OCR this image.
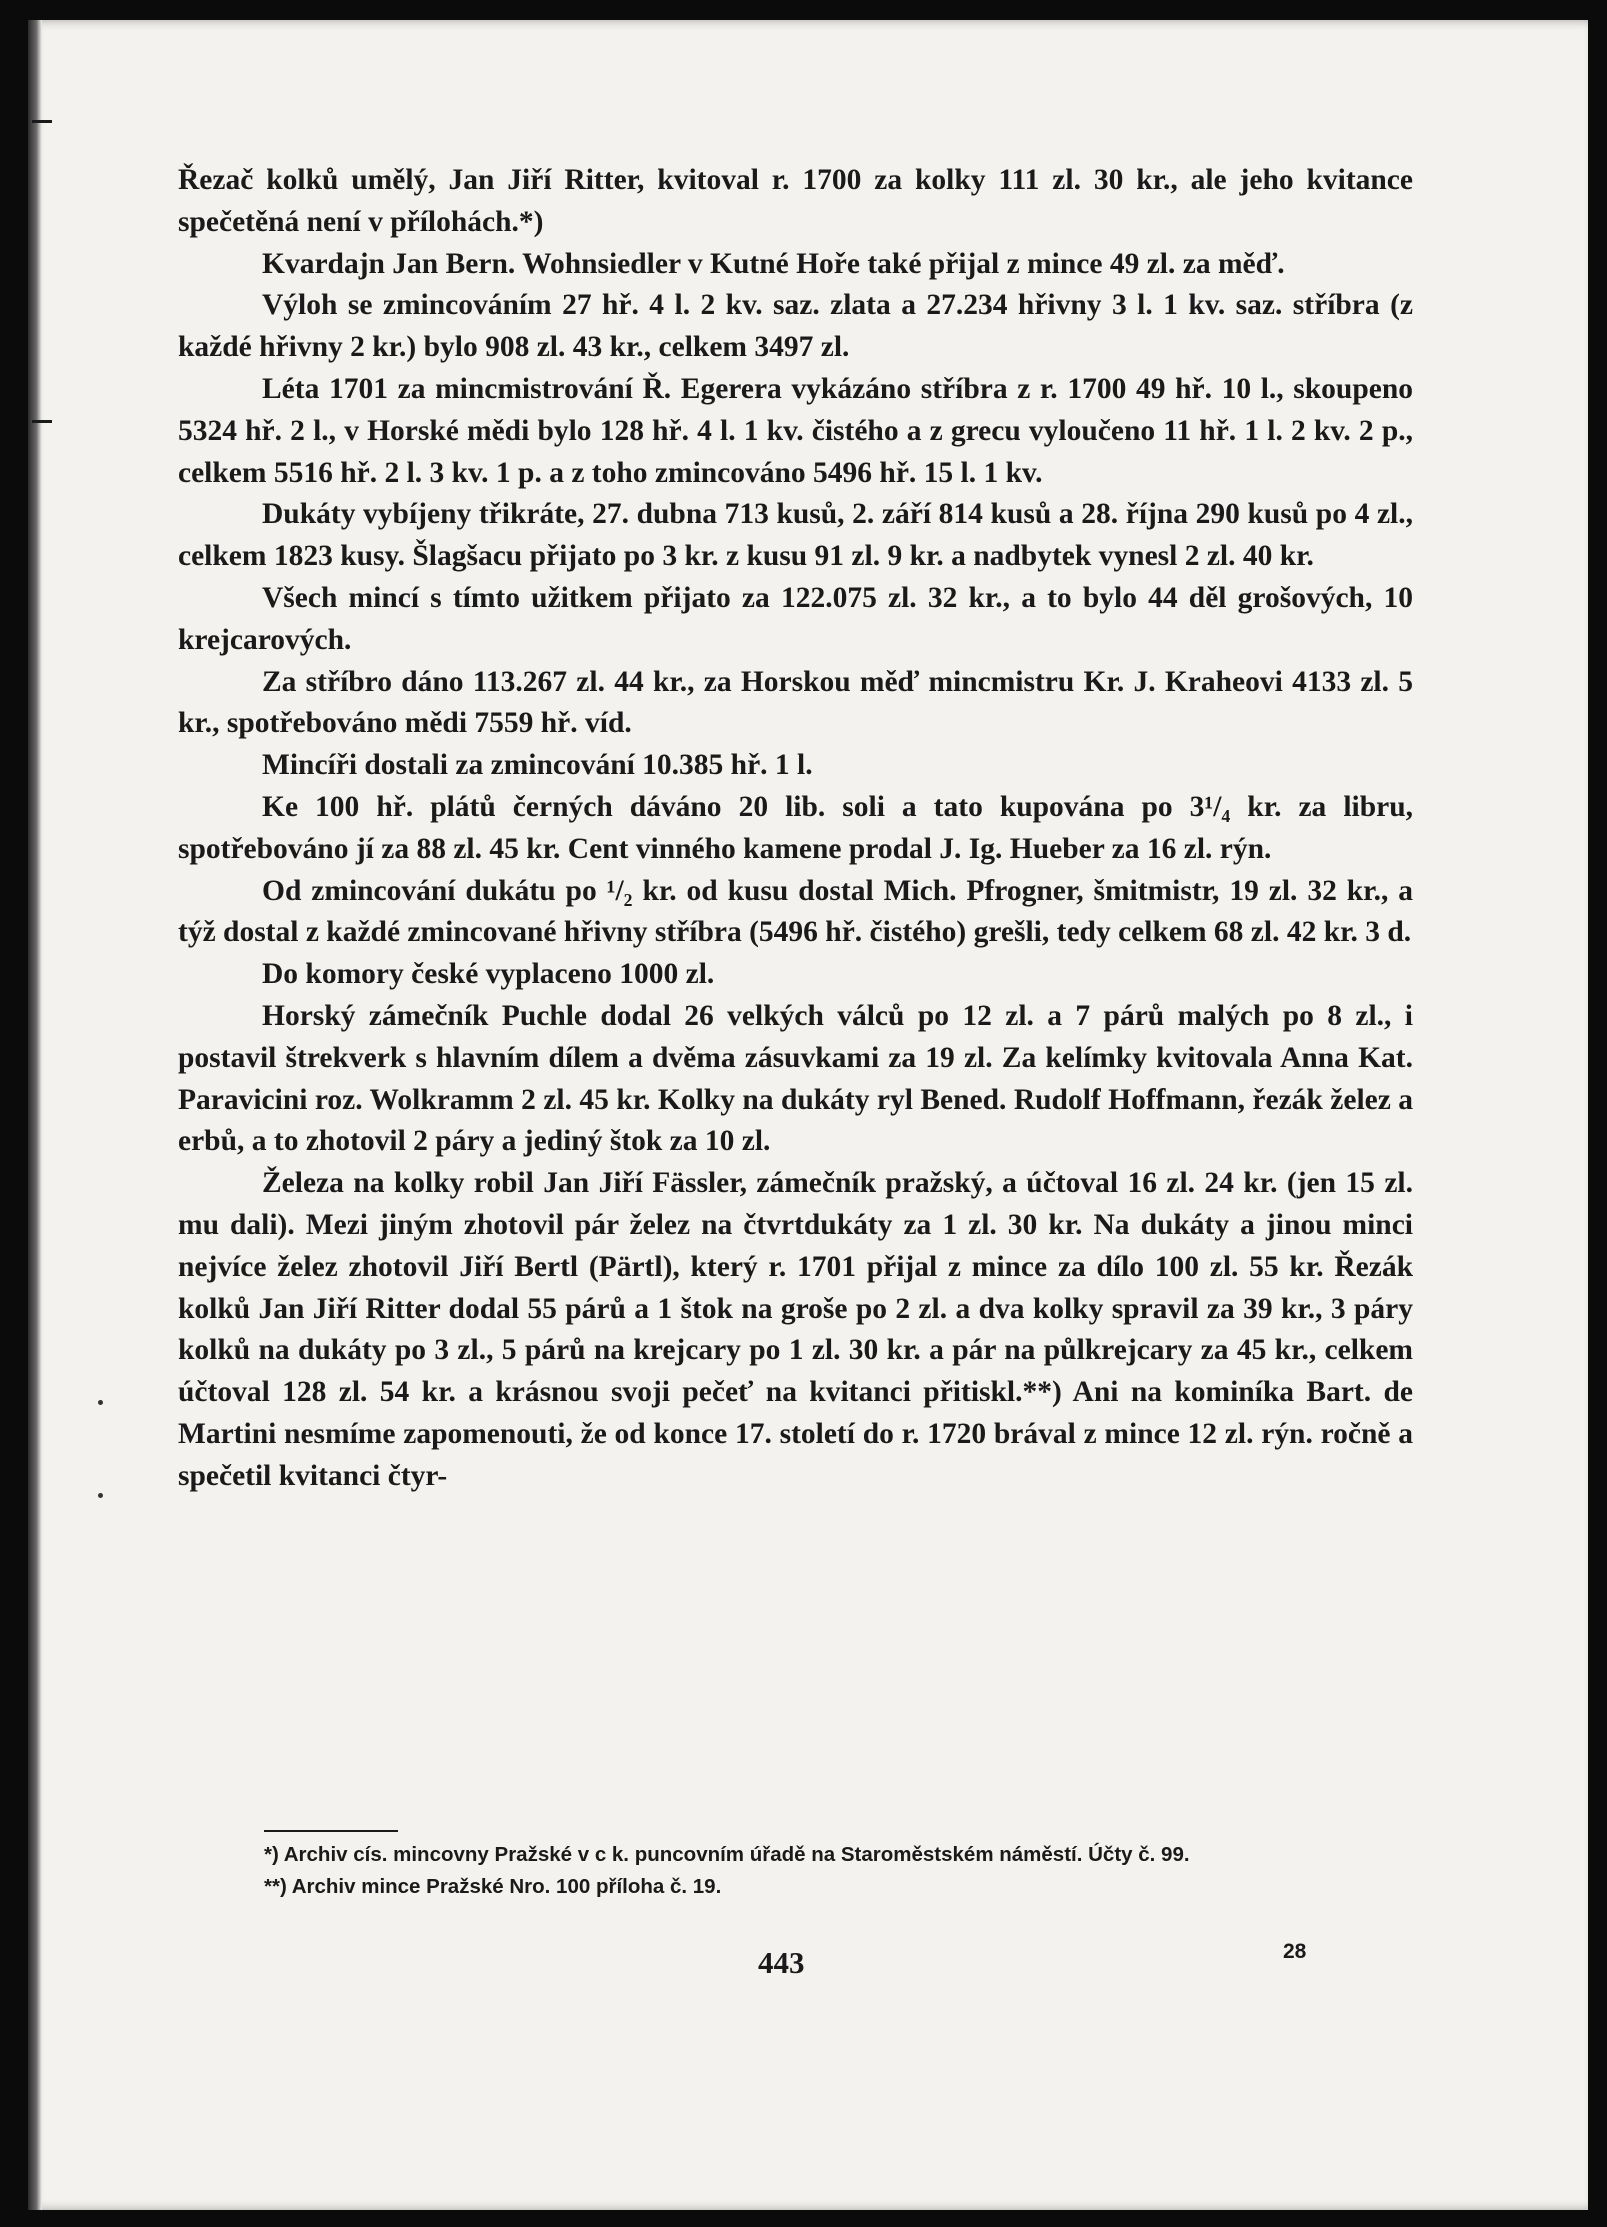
Řezač kolků umělý, Jan Jiří Ritter, kvitoval r. 1700 za kolky 111 zl. 30 kr., ale jeho kvitance spečetěná není v přílohách.*)

Kvardajn Jan Bern. Wohnsiedler v Kutné Hoře také přijal z mince 49 zl. za měď.

Výloh se zmincováním 27 hř. 4 l. 2 kv. saz. zlata a 27.234 hřivny 3 l. 1 kv. saz. stříbra (z každé hřivny 2 kr.) bylo 908 zl. 43 kr., celkem 3497 zl.

Léta 1701 za mincmistrování Ř. Egerera vykázáno stříbra z r. 1700 49 hř. 10 l., skoupeno 5324 hř. 2 l., v Horské mědi bylo 128 hř. 4 l. 1 kv. čistého a z grecu vyloučeno 11 hř. 1 l. 2 kv. 2 p., celkem 5516 hř. 2 l. 3 kv. 1 p. a z toho zmincováno 5496 hř. 15 l. 1 kv.

Dukáty vybíjeny třikráte, 27. dubna 713 kusů, 2. září 814 kusů a 28. října 290 kusů po 4 zl., celkem 1823 kusy. Šlagšacu přijato po 3 kr. z kusu 91 zl. 9 kr. a nadbytek vynesl 2 zl. 40 kr.

Všech mincí s tímto užitkem přijato za 122.075 zl. 32 kr., a to bylo 44 děl grošových, 10 krejcarových.

Za stříbro dáno 113.267 zl. 44 kr., za Horskou měď mincmistru Kr. J. Kraheovi 4133 zl. 5 kr., spotřebováno mědi 7559 hř. víd.

Mincíři dostali za zmincování 10.385 hř. 1 l.

Ke 100 hř. plátů černých dáváno 20 lib. soli a tato kupována po 3¹/₄ kr. za libru, spotřebováno jí za 88 zl. 45 kr. Cent vinného kamene prodal J. Ig. Hueber za 16 zl. rýn.

Od zmincování dukátu po ¹/₂ kr. od kusu dostal Mich. Pfrogner, šmitmistr, 19 zl. 32 kr., a týž dostal z každé zmincované hřivny stříbra (5496 hř. čistého) grešli, tedy celkem 68 zl. 42 kr. 3 d.

Do komory české vyplaceno 1000 zl.

Horský zámečník Puchle dodal 26 velkých válců po 12 zl. a 7 párů malých po 8 zl., i postavil štrekverk s hlavním dílem a dvěma zásuvkami za 19 zl. Za kelímky kvitovala Anna Kat. Paravicini roz. Wolkramm 2 zl. 45 kr. Kolky na dukáty ryl Bened. Rudolf Hoffmann, řezák želez a erbů, a to zhotovil 2 páry a jediný štok za 10 zl.

Železa na kolky robil Jan Jiří Fässler, zámečník pražský, a účtoval 16 zl. 24 kr. (jen 15 zl. mu dali). Mezi jiným zhotovil pár želez na čtvrtdukáty za 1 zl. 30 kr. Na dukáty a jinou minci nejvíce želez zhotovil Jiří Bertl (Pärtl), který r. 1701 přijal z mince za dílo 100 zl. 55 kr. Řezák kolků Jan Jiří Ritter dodal 55 párů a 1 štok na groše po 2 zl. a dva kolky spravil za 39 kr., 3 páry kolků na dukáty po 3 zl., 5 párů na krejcary po 1 zl. 30 kr. a pár na půlkrejcary za 45 kr., celkem účtoval 128 zl. 54 kr. a krásnou svoji pečeť na kvitanci přitiskl.**) Ani na kominíka Bart. de Martini nesmíme zapomenouti, že od konce 17. století do r. 1720 brával z mince 12 zl. rýn. ročně a spečetil kvitanci čtyr-

*) Archiv cís. mincovny Pražské v c k. puncovním úřadě na Staroměstském náměstí. Účty č. 99.
**) Archiv mince Pražské Nro. 100 příloha č. 19.
443	28
